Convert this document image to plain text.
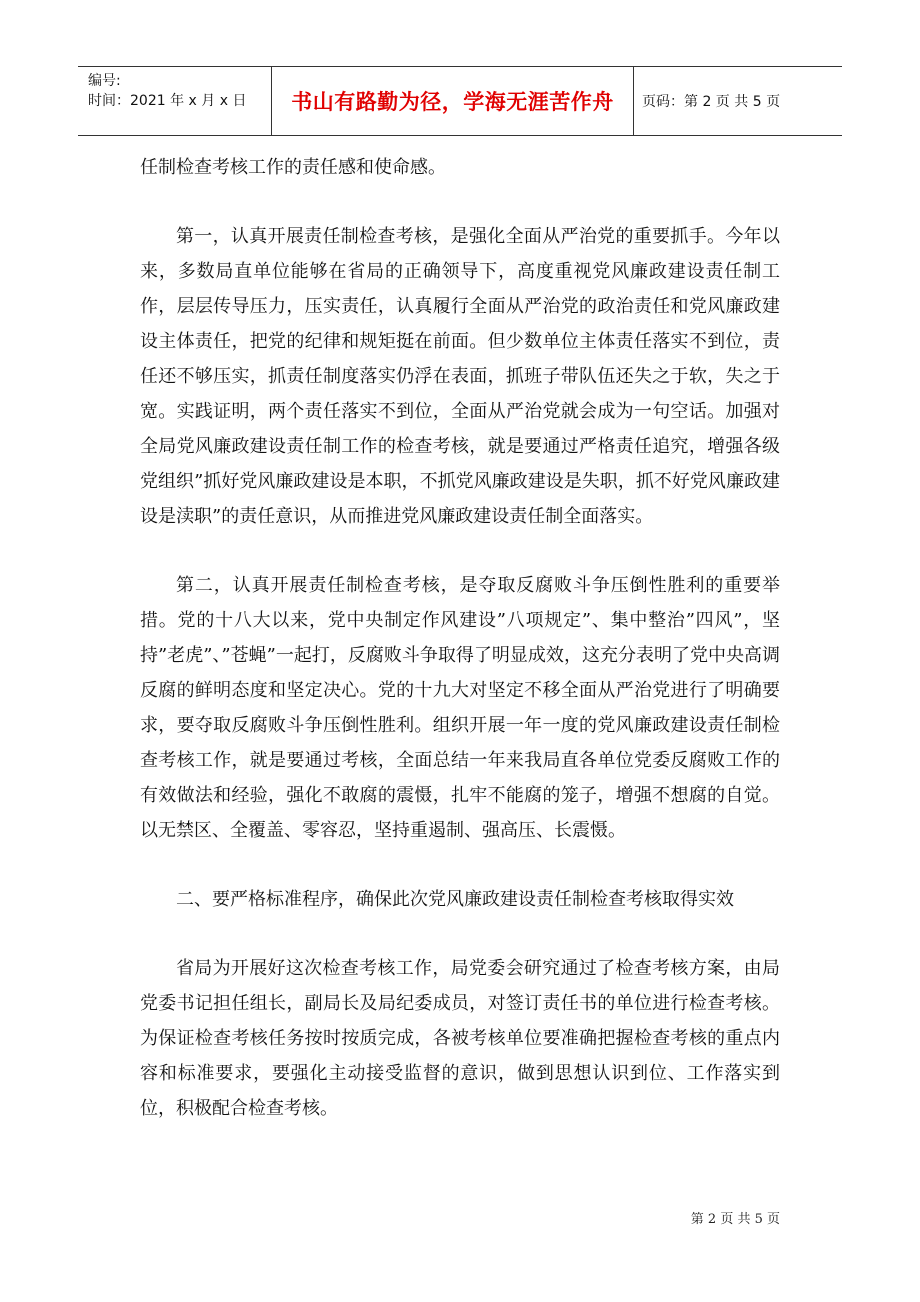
编号:
时间：2021 年 x 月 x 日	书山有路勤为径，学海无涯苦作舟 页码：第 2 页 共 5 页

任制检查考核工作的责任感和使命感。

第一，认真开展责任制检查考核，是强化全面从严治党的重要抓手。今年以来，多数局直单位能够在省局的正确领导下，高度重视党风廉政建设责任制工作，层层传导压力，压实责任，认真履行全面从严治党的政治责任和党风廉政建设主体责任，把党的纪律和规矩挺在前面。但少数单位主体责任落实不到位，责任还不够压实，抓责任制度落实仍浮在表面，抓班子带队伍还失之于软，失之于宽。实践证明，两个责任落实不到位，全面从严治党就会成为一句空话。加强对全局党风廉政建设责任制工作的检查考核，就是要通过严格责任追究，增强各级党组织”抓好党风廉政建设是本职，不抓党风廉政建设是失职，抓不好党风廉政建设是渎职”的责任意识，从而推进党风廉政建设责任制全面落实。

第二，认真开展责任制检查考核，是夺取反腐败斗争压倒性胜利的重要举措。党的十八大以来，党中央制定作风建设”八项规定”、集中整治”四风”，坚持”老虎”、”苍蝇”一起打，反腐败斗争取得了明显成效，这充分表明了党中央高调反腐的鲜明态度和坚定决心。党的十九大对坚定不移全面从严治党进行了明确要求，要夺取反腐败斗争压倒性胜利。组织开展一年一度的党风廉政建设责任制检查考核工作，就是要通过考核，全面总结一年来我局直各单位党委反腐败工作的有效做法和经验，强化不敢腐的震慑，扎牢不能腐的笼子，增强不想腐的自觉。以无禁区、全覆盖、零容忍，坚持重遏制、强高压、长震慑。

二、要严格标准程序，确保此次党风廉政建设责任制检查考核取得实效

省局为开展好这次检查考核工作，局党委会研究通过了检查考核方案，由局党委书记担任组长，副局长及局纪委成员，对签订责任书的单位进行检查考核。为保证检查考核任务按时按质完成，各被考核单位要准确把握检查考核的重点内容和标准要求，要强化主动接受监督的意识，做到思想认识到位、工作落实到位，积极配合检查考核。

第 2 页 共 5 页
